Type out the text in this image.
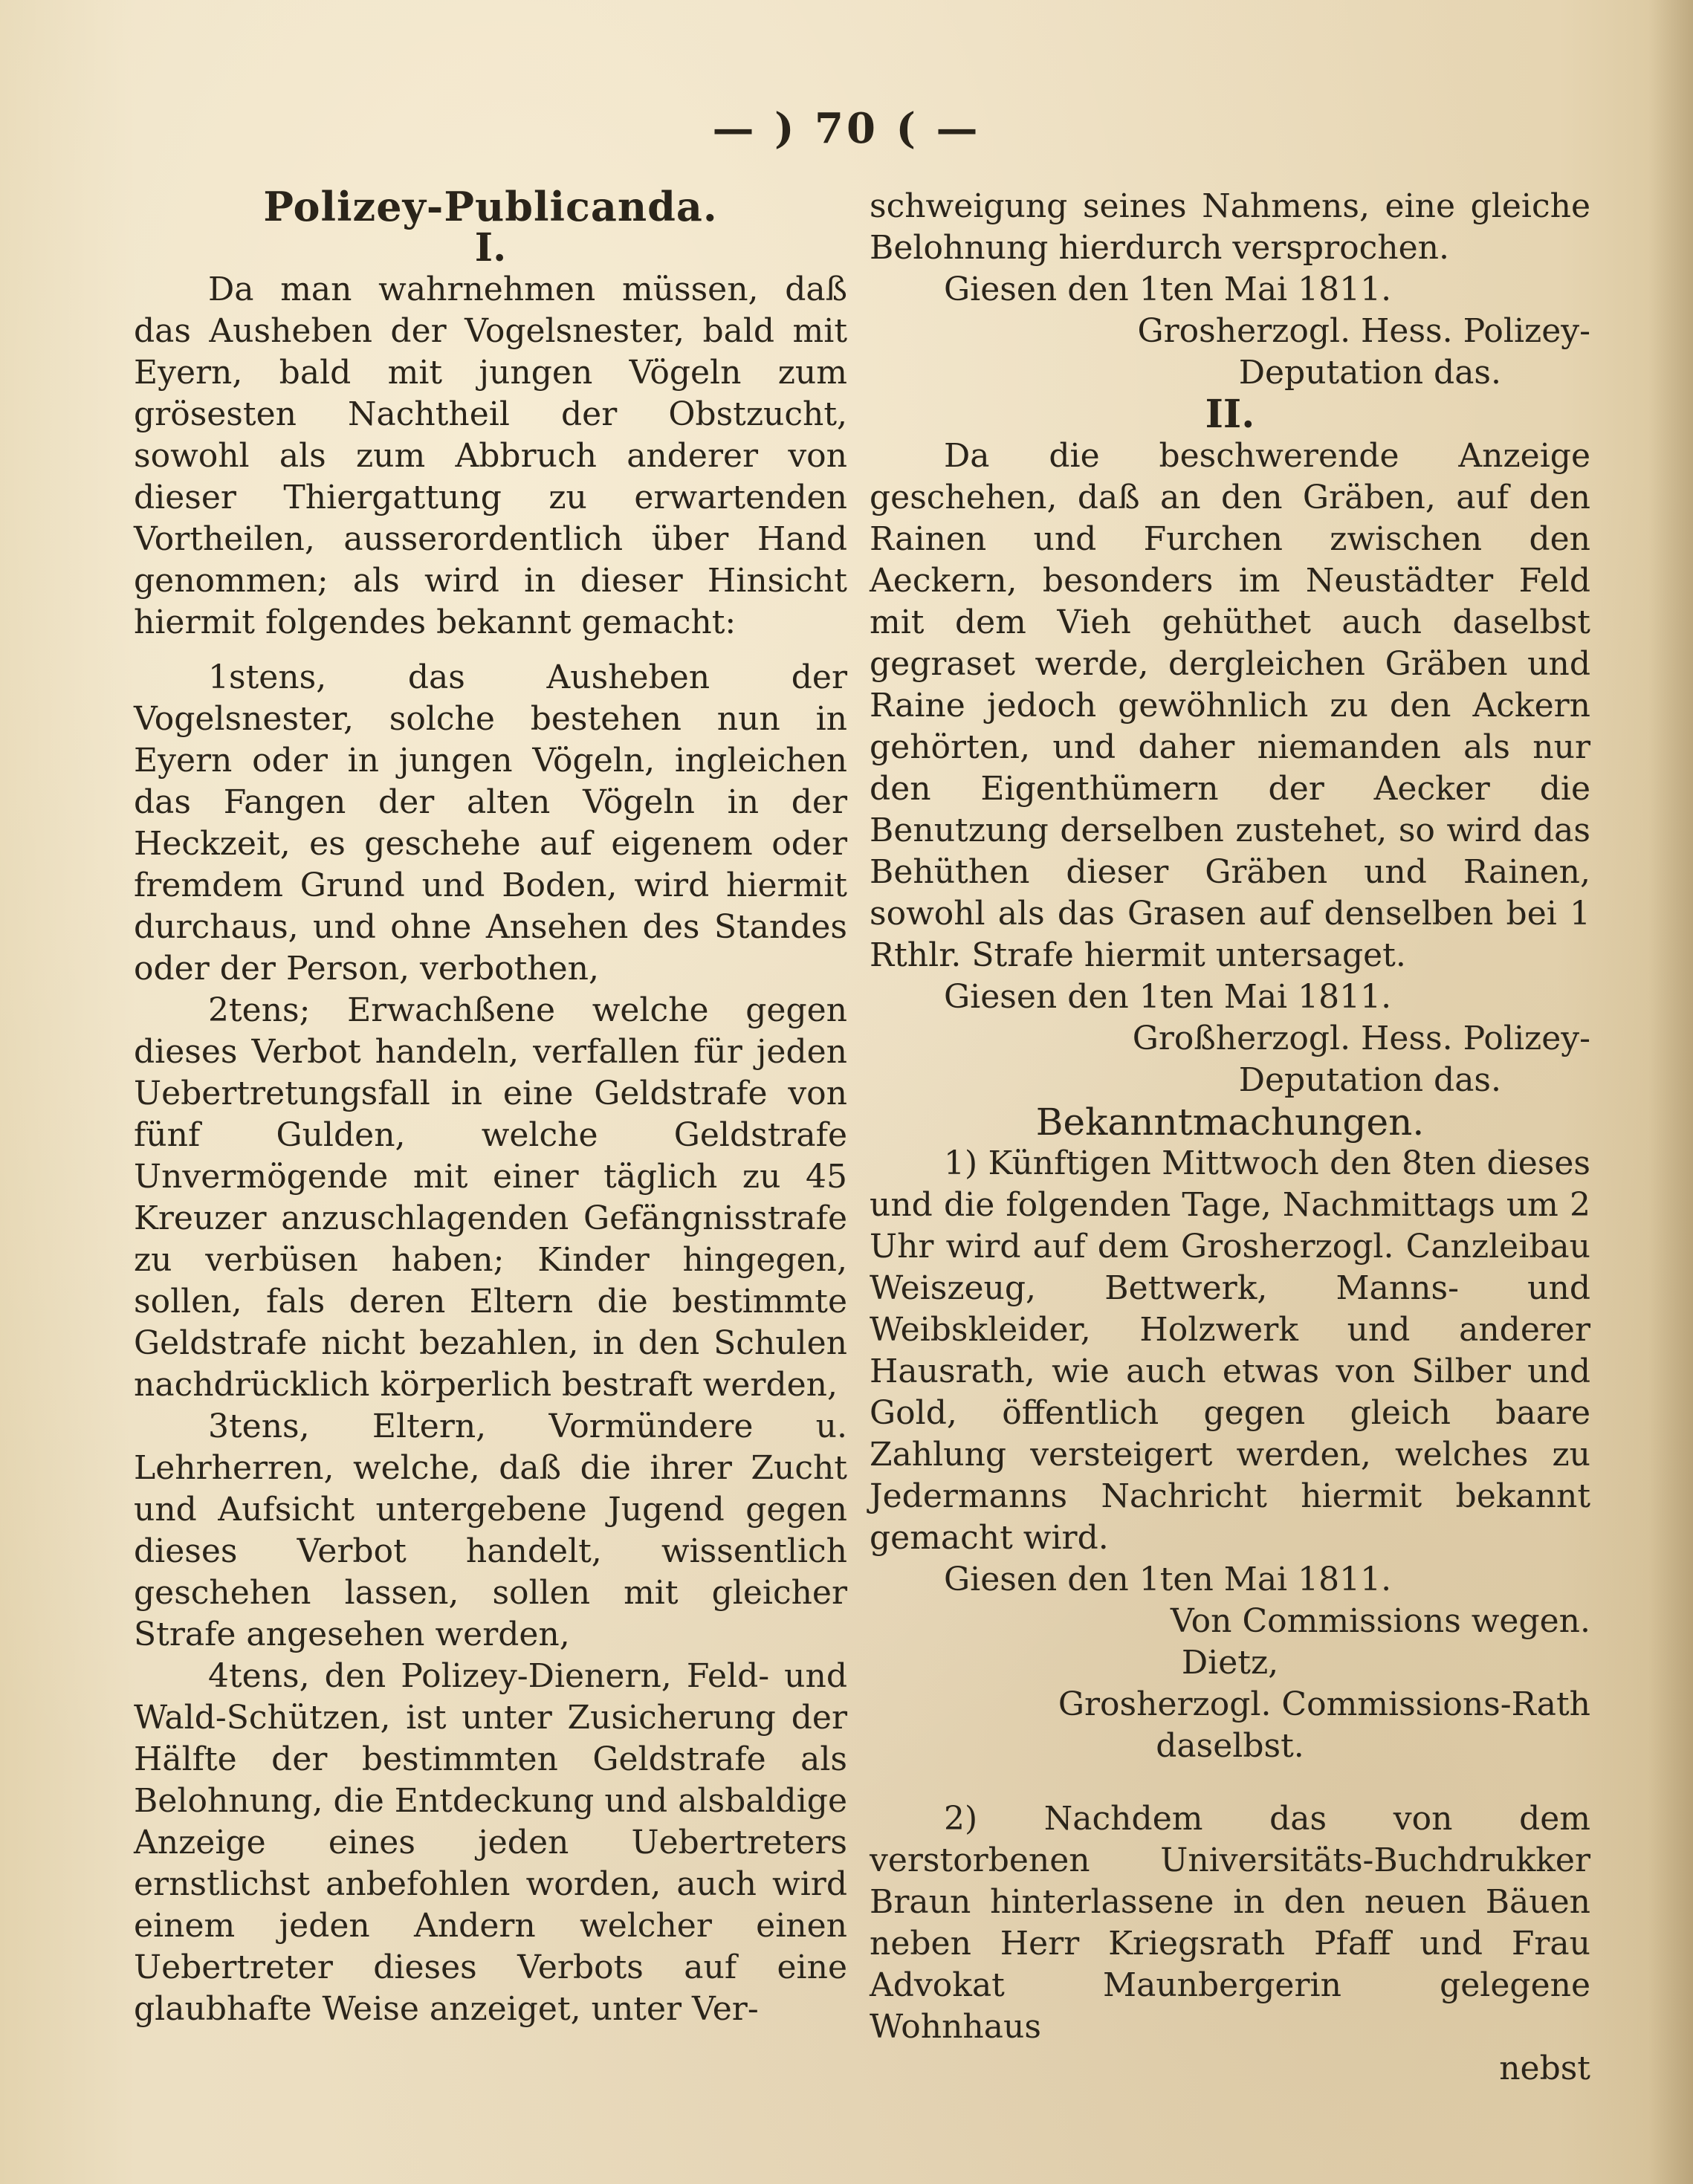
— ) 70 ( —

Polizey-Publicanda.

I.

Da man wahrnehmen müssen, daß das Ausheben der Vogelsnester, bald mit Eyern, bald mit jungen Vögeln zum grösesten Nachtheil der Obstzucht, sowohl als zum Abbruch anderer von dieser Thiergattung zu erwartenden Vortheilen, ausserordentlich über Hand genommen; als wird in dieser Hinsicht hiermit folgendes bekannt gemacht:

1stens, das Ausheben der Vogelsnester, solche bestehen nun in Eyern oder in jungen Vögeln, ingleichen das Fangen der alten Vögeln in der Heckzeit, es geschehe auf eigenem oder fremdem Grund und Boden, wird hiermit durchaus, und ohne Ansehen des Standes oder der Person, verbothen,

2tens; Erwachßene welche gegen dieses Verbot handeln, verfallen für jeden Uebertretungsfall in eine Geldstrafe von fünf Gulden, welche Geldstrafe Unvermögende mit einer täglich zu 45 Kreuzer anzuschlagenden Gefängnisstrafe zu verbüsen haben; Kinder hingegen, sollen, fals deren Eltern die bestimmte Geldstrafe nicht bezahlen, in den Schulen nachdrücklich körperlich bestraft werden,

3tens, Eltern, Vormündere u. Lehrherren, welche, daß die ihrer Zucht und Aufsicht untergebene Jugend gegen dieses Verbot handelt, wissentlich geschehen lassen, sollen mit gleicher Strafe angesehen werden,

4tens, den Polizey-Dienern, Feld- und Wald-Schützen, ist unter Zusicherung der Hälfte der bestimmten Geldstrafe als Belohnung, die Entdeckung und alsbaldige Anzeige eines jeden Uebertreters ernstlichst anbefohlen worden, auch wird einem jeden Andern welcher einen Uebertreter dieses Verbots auf eine glaubhafte Weise anzeiget, unter Ver-

schweigung seines Nahmens, eine gleiche Belohnung hierdurch versprochen.

Giesen den 1ten Mai 1811.

Grosherzogl. Hess. Polizey-

Deputation das.

II.

Da die beschwerende Anzeige geschehen, daß an den Gräben, auf den Rainen und Furchen zwischen den Aeckern, besonders im Neustädter Feld mit dem Vieh gehüthet auch daselbst gegraset werde, dergleichen Gräben und Raine jedoch gewöhnlich zu den Ackern gehörten, und daher niemanden als nur den Eigenthümern der Aecker die Benutzung derselben zustehet, so wird das Behüthen dieser Gräben und Rainen, sowohl als das Grasen auf denselben bei 1 Rthlr. Strafe hiermit untersaget.

Giesen den 1ten Mai 1811.

Großherzogl. Hess. Polizey-

Deputation das.

Bekanntmachungen.

1) Künftigen Mittwoch den 8ten dieses und die folgenden Tage, Nachmittags um 2 Uhr wird auf dem Grosherzogl. Canzleibau Weiszeug, Bettwerk, Manns- und Weibskleider, Holzwerk und anderer Hausrath, wie auch etwas von Silber und Gold, öffentlich gegen gleich baare Zahlung versteigert werden, welches zu Jedermanns Nachricht hiermit bekannt gemacht wird.

Giesen den 1ten Mai 1811.

Von Commissions wegen.

Dietz,

Grosherzogl. Commissions-Rath

daselbst.

2) Nachdem das von dem verstorbenen Universitäts-Buchdrukker Braun hinterlassene in den neuen Bäuen neben Herr Kriegsrath Pfaff und Frau Advokat Maunbergerin gelegene Wohnhaus

nebst
